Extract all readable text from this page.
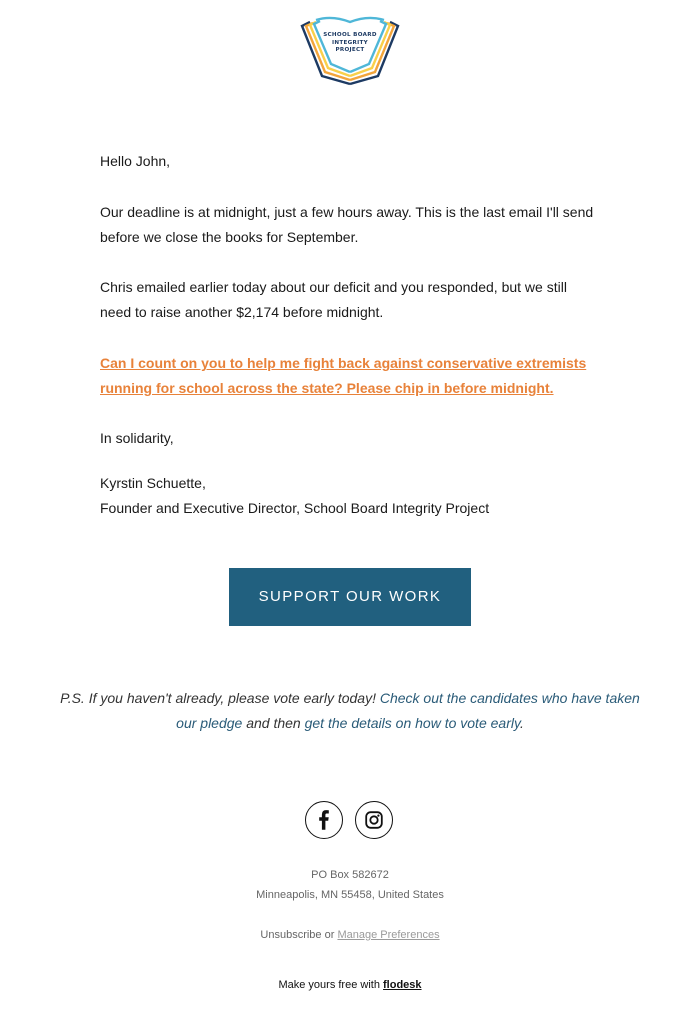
SCHOOL BOARD
INTEGRITY
PROJECT

Hello John,

Our deadline is at midnight, just a few hours away. This is the last email I'll send before we close the books for September.

Chris emailed earlier today about our deficit and you responded, but we still need to raise another $2,174 before midnight.

Can I count on you to help me fight back against conservative extremists running for school across the state? Please chip in before midnight.

In solidarity,

Kyrstin Schuette,

Founder and Executive Director, School Board Integrity Project

SUPPORT OUR WORK
P.S. If you haven't already, please vote early today! Check out the candidates who have taken our pledge and then get the details on how to vote early.
PO Box 582672
Minneapolis, MN 55458, United States
Unsubscribe or Manage Preferences
Make yours free with flodesk
